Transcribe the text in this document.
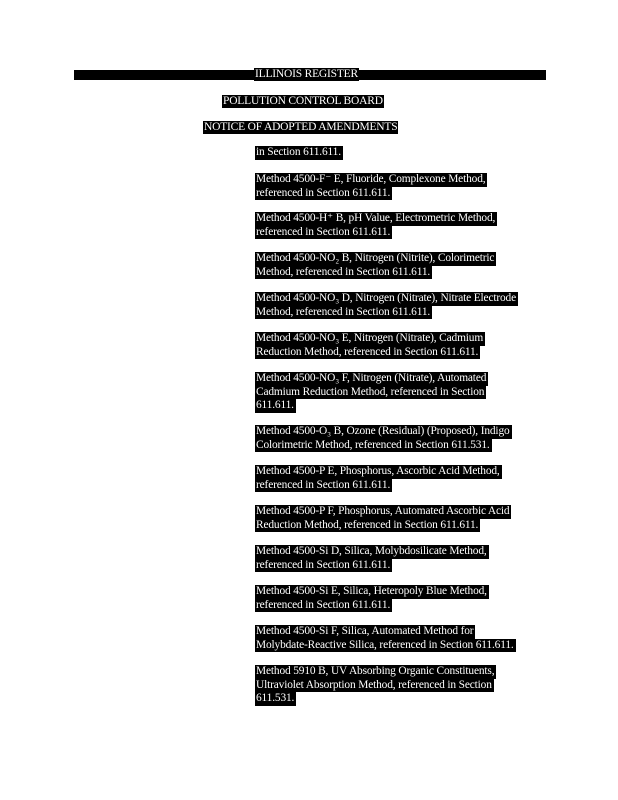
ILLINOIS REGISTER
POLLUTION CONTROL BOARD
NOTICE OF ADOPTED AMENDMENTS
in Section 611.611.
Method 4500-F⁻ E, Fluoride, Complexone Method,
referenced in Section 611.611.
Method 4500-H⁺ B, pH Value, Electrometric Method,
referenced in Section 611.611.
Method 4500-NO₂ B, Nitrogen (Nitrite), Colorimetric
Method, referenced in Section 611.611.
Method 4500-NO₃ D, Nitrogen (Nitrate), Nitrate Electrode
Method, referenced in Section 611.611.
Method 4500-NO₃ E, Nitrogen (Nitrate), Cadmium
Reduction Method, referenced in Section 611.611.
Method 4500-NO₃ F, Nitrogen (Nitrate), Automated
Cadmium Reduction Method, referenced in Section
611.611.
Method 4500-O₃ B, Ozone (Residual) (Proposed), Indigo
Colorimetric Method, referenced in Section 611.531.
Method 4500-P E, Phosphorus, Ascorbic Acid Method,
referenced in Section 611.611.
Method 4500-P F, Phosphorus, Automated Ascorbic Acid
Reduction Method, referenced in Section 611.611.
Method 4500-Si D, Silica, Molybdosilicate Method,
referenced in Section 611.611.
Method 4500-Si E, Silica, Heteropoly Blue Method,
referenced in Section 611.611.
Method 4500-Si F, Silica, Automated Method for
Molybdate-Reactive Silica, referenced in Section 611.611.
Method 5910 B, UV Absorbing Organic Constituents,
Ultraviolet Absorption Method, referenced in Section
611.531.
